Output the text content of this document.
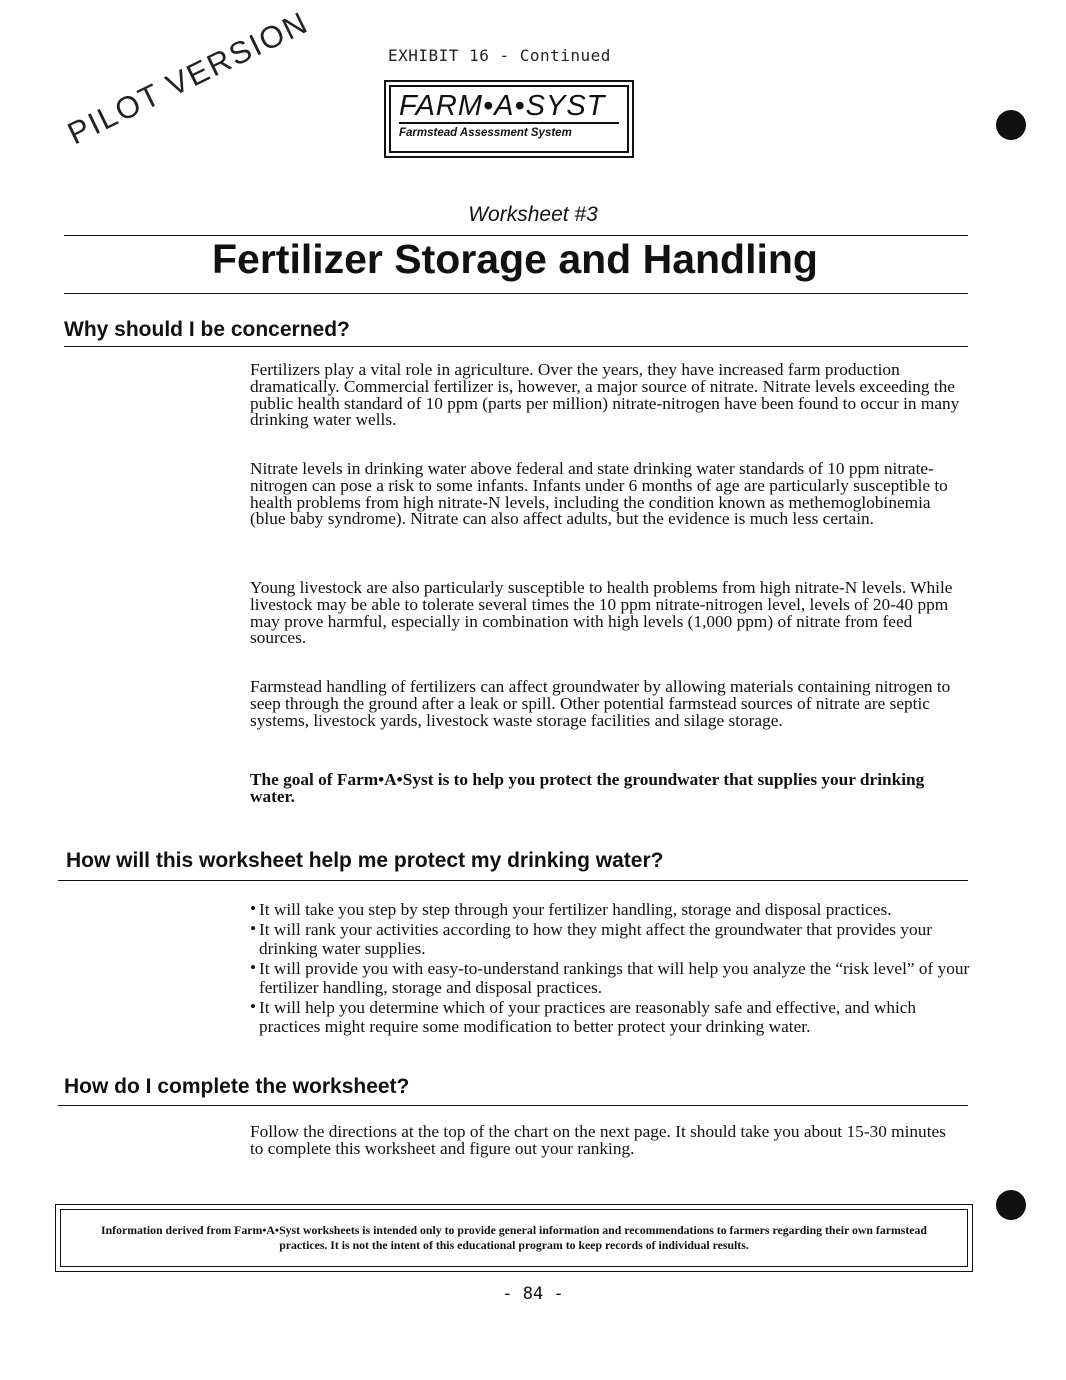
EXHIBIT 16 - Continued
PILOT VERSION	FARM•A•SYST
Farmstead Assessment System
Worksheet #3
Fertilizer Storage and Handling
Why should I be concerned?
Fertilizers play a vital role in agriculture. Over the years, they have increased farm production dramatically. Commercial fertilizer is, however, a major source of nitrate. Nitrate levels exceeding the public health standard of 10 ppm (parts per million) nitrate-nitrogen have been found to occur in many drinking water wells.
Nitrate levels in drinking water above federal and state drinking water standards of 10 ppm nitrate-nitrogen can pose a risk to some infants. Infants under 6 months of age are particularly susceptible to health problems from high nitrate-N levels, including the condition known as methemoglobinemia (blue baby syndrome). Nitrate can also affect adults, but the evidence is much less certain.
Young livestock are also particularly susceptible to health problems from high nitrate-N levels. While livestock may be able to tolerate several times the 10 ppm nitrate-nitrogen level, levels of 20-40 ppm may prove harmful, especially in combination with high levels (1,000 ppm) of nitrate from feed sources.
Farmstead handling of fertilizers can affect groundwater by allowing materials containing nitrogen to seep through the ground after a leak or spill. Other potential farmstead sources of nitrate are septic systems, livestock yards, livestock waste storage facilities and silage storage.
The goal of Farm•A•Syst is to help you protect the groundwater that supplies your drinking water.
How will this worksheet help me protect my drinking water?
• It will take you step by step through your fertilizer handling, storage and disposal practices.
• It will rank your activities according to how they might affect the groundwater that provides your drinking water supplies.
• It will provide you with easy-to-understand rankings that will help you analyze the “risk level” of your fertilizer handling, storage and disposal practices.
• It will help you determine which of your practices are reasonably safe and effective, and which practices might require some modification to better protect your drinking water.
How do I complete the worksheet?
Follow the directions at the top of the chart on the next page. It should take you about 15-30 minutes to complete this worksheet and figure out your ranking.
Information derived from Farm•A•Syst worksheets is intended only to provide general information and recommendations to farmers regarding their own farmstead practices. It is not the intent of this educational program to keep records of individual results.
- 84 -
